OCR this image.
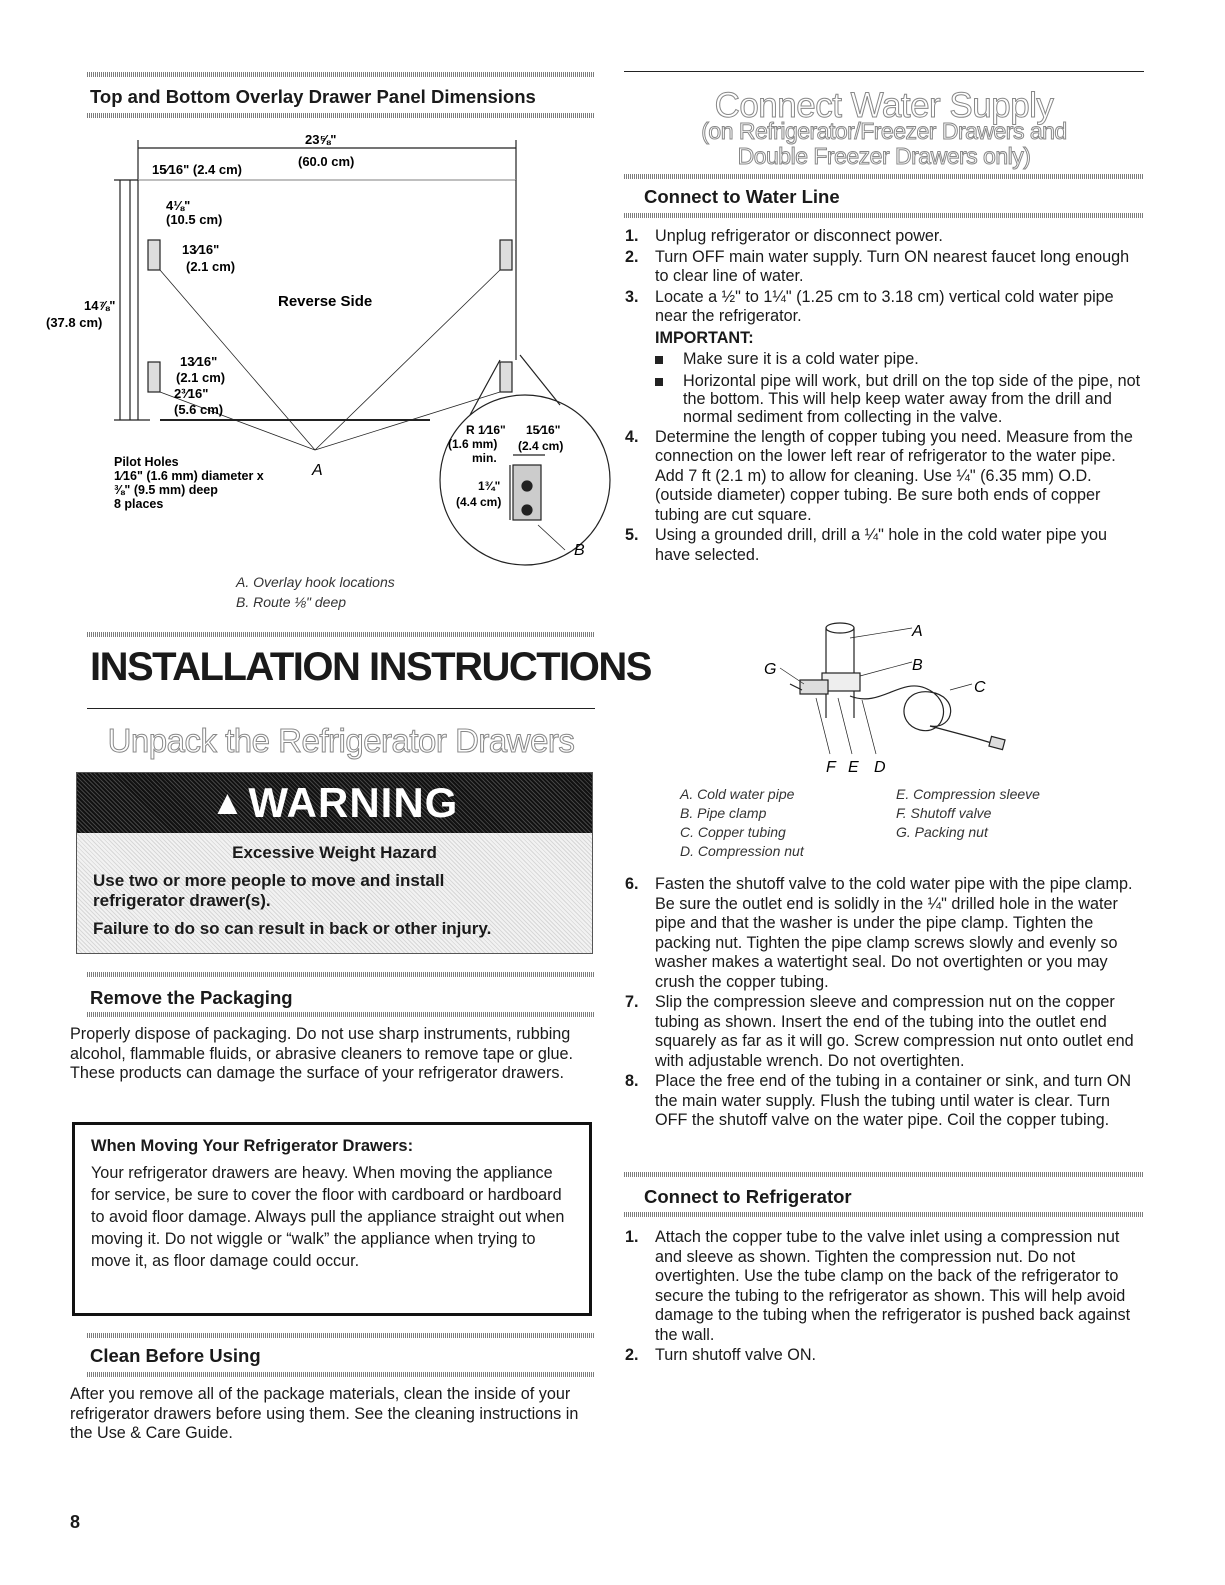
Top and Bottom Overlay Drawer Panel Dimensions
23⅝"
(60.0 cm)
15⁄16" (2.4 cm)
4⅛"
(10.5 cm)
13⁄16"
(2.1 cm)
14⅞"
(37.8 cm)
Reverse Side
13⁄16"
(2.1 cm)
2³⁄16"
(5.6 cm)
Pilot Holes
1⁄16" (1.6 mm) diameter x
⅜" (9.5 mm) deep
8 places
A
B
R 1⁄16"
(1.6 mm)
min.
15⁄16"
(2.4 cm)
1¾"
(4.4 cm)
A. Overlay hook locations
B. Route ⅛" deep
INSTALLATION INSTRUCTIONS
Unpack the Refrigerator Drawers
▲ WARNING
Excessive Weight Hazard
Use two or more people to move and install refrigerator drawer(s).
Failure to do so can result in back or other injury.
Remove the Packaging
Properly dispose of packaging. Do not use sharp instruments, rubbing alcohol, flammable fluids, or abrasive cleaners to remove tape or glue. These products can damage the surface of your refrigerator drawers.
When Moving Your Refrigerator Drawers:
Your refrigerator drawers are heavy. When moving the appliance for service, be sure to cover the floor with cardboard or hardboard to avoid floor damage. Always pull the appliance straight out when moving it. Do not wiggle or “walk” the appliance when trying to move it, as floor damage could occur.
Clean Before Using
After you remove all of the package materials, clean the inside of your refrigerator drawers before using them. See the cleaning instructions in the Use & Care Guide.
8
Connect Water Supply
(on Refrigerator/Freezer Drawers and
Double Freezer Drawers only)
Connect to Water Line
1. Unplug refrigerator or disconnect power.
2. Turn OFF main water supply. Turn ON nearest faucet long enough to clear line of water.
3. Locate a ½" to 1¼" (1.25 cm to 3.18 cm) vertical cold water pipe near the refrigerator.
IMPORTANT:
Make sure it is a cold water pipe.
Horizontal pipe will work, but drill on the top side of the pipe, not the bottom. This will help keep water away from the drill and normal sediment from collecting in the valve.
4. Determine the length of copper tubing you need. Measure from the connection on the lower left rear of refrigerator to the water pipe. Add 7 ft (2.1 m) to allow for cleaning. Use ¼" (6.35 mm) O.D. (outside diameter) copper tubing. Be sure both ends of copper tubing are cut square.
5. Using a grounded drill, drill a ¼" hole in the cold water pipe you have selected.
A
B
C
G
F E D
A. Cold water pipe
B. Pipe clamp
C. Copper tubing
D. Compression nut
E. Compression sleeve
F. Shutoff valve
G. Packing nut
6. Fasten the shutoff valve to the cold water pipe with the pipe clamp. Be sure the outlet end is solidly in the ¼" drilled hole in the water pipe and that the washer is under the pipe clamp. Tighten the packing nut. Tighten the pipe clamp screws slowly and evenly so washer makes a watertight seal. Do not overtighten or you may crush the copper tubing.
7. Slip the compression sleeve and compression nut on the copper tubing as shown. Insert the end of the tubing into the outlet end squarely as far as it will go. Screw compression nut onto outlet end with adjustable wrench. Do not overtighten.
8. Place the free end of the tubing in a container or sink, and turn ON the main water supply. Flush the tubing until water is clear. Turn OFF the shutoff valve on the water pipe. Coil the copper tubing.
Connect to Refrigerator
1. Attach the copper tube to the valve inlet using a compression nut and sleeve as shown. Tighten the compression nut. Do not overtighten. Use the tube clamp on the back of the refrigerator to secure the tubing to the refrigerator as shown. This will help avoid damage to the tubing when the refrigerator is pushed back against the wall.
2. Turn shutoff valve ON.
